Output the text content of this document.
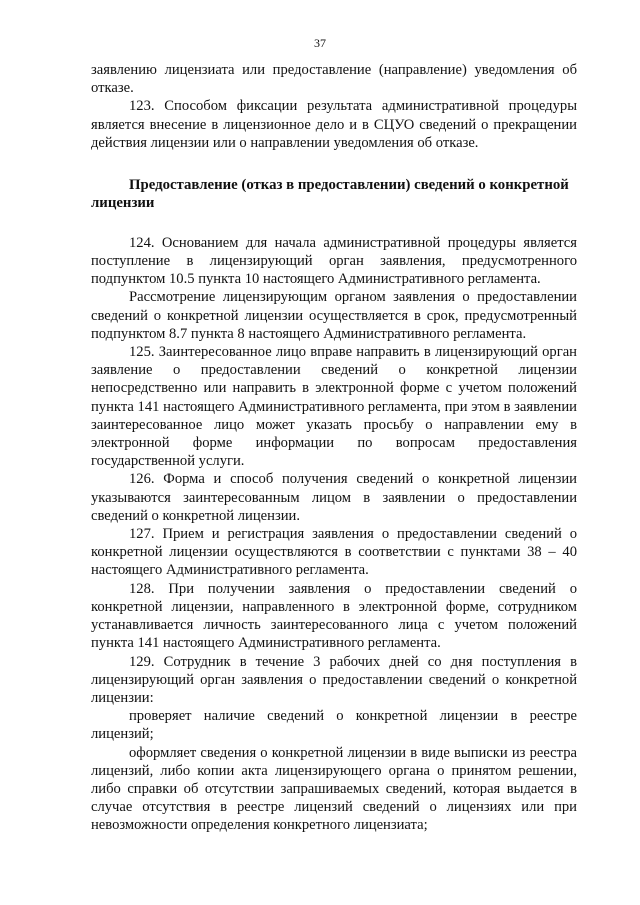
37

заявлению лицензиата или предоставление (направление) уведомления об отказе.

123. Способом фиксации результата административной процедуры является внесение в лицензионное дело и в СЦУО сведений о прекращении действия лицензии или о направлении уведомления об отказе.

Предоставление (отказ в предоставлении) сведений о конкретной лицензии

124. Основанием для начала административной процедуры является поступление в лицензирующий орган заявления, предусмотренного подпунктом 10.5 пункта 10 настоящего Административного регламента.

Рассмотрение лицензирующим органом заявления о предоставлении сведений о конкретной лицензии осуществляется в срок, предусмотренный подпунктом 8.7 пункта 8 настоящего Административного регламента.

125. Заинтересованное лицо вправе направить в лицензирующий орган заявление о предоставлении сведений о конкретной лицензии непосредственно или направить в электронной форме с учетом положений пункта 141 настоящего Административного регламента, при этом в заявлении заинтересованное лицо может указать просьбу о направлении ему в электронной форме информации по вопросам предоставления государственной услуги.

126. Форма и способ получения сведений о конкретной лицензии указываются заинтересованным лицом в заявлении о предоставлении сведений о конкретной лицензии.

127. Прием и регистрация заявления о предоставлении сведений о конкретной лицензии осуществляются в соответствии с пунктами 38 – 40 настоящего Административного регламента.

128. При получении заявления о предоставлении сведений о конкретной лицензии, направленного в электронной форме, сотрудником устанавливается личность заинтересованного лица с учетом положений пункта 141 настоящего Административного регламента.

129. Сотрудник в течение 3 рабочих дней со дня поступления в лицензирующий орган заявления о предоставлении сведений о конкретной лицензии:

проверяет наличие сведений о конкретной лицензии в реестре лицензий;

оформляет сведения о конкретной лицензии в виде выписки из реестра лицензий, либо копии акта лицензирующего органа о принятом решении, либо справки об отсутствии запрашиваемых сведений, которая выдается в случае отсутствия в реестре лицензий сведений о лицензиях или при невозможности определения конкретного лицензиата;
